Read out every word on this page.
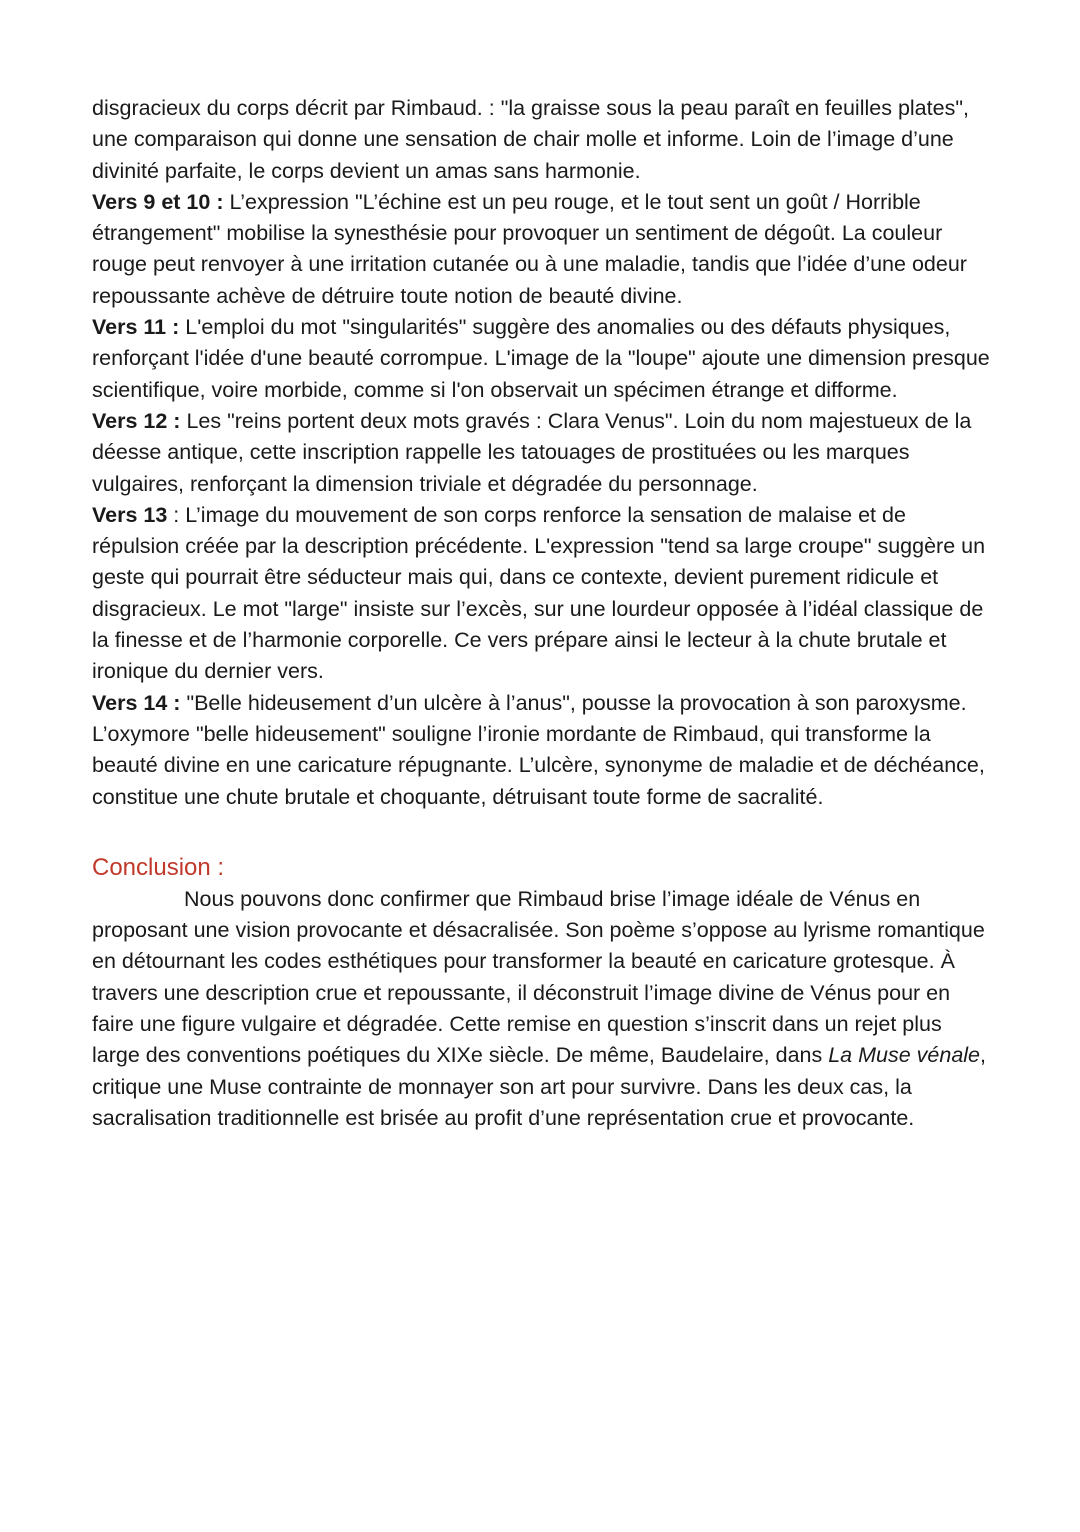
disgracieux du corps décrit par Rimbaud. : "la graisse sous la peau paraît en feuilles plates", une comparaison qui donne une sensation de chair molle et informe. Loin de l’image d’une divinité parfaite, le corps devient un amas sans harmonie.

Vers 9 et 10 : L’expression "L’échine est un peu rouge, et le tout sent un goût / Horrible étrangement" mobilise la synesthésie pour provoquer un sentiment de dégoût. La couleur rouge peut renvoyer à une irritation cutanée ou à une maladie, tandis que l’idée d’une odeur repoussante achève de détruire toute notion de beauté divine.

Vers 11 : L'emploi du mot "singularités" suggère des anomalies ou des défauts physiques, renforçant l'idée d'une beauté corrompue. L'image de la "loupe" ajoute une dimension presque scientifique, voire morbide, comme si l'on observait un spécimen étrange et difforme.

Vers 12 : Les "reins portent deux mots gravés : Clara Venus". Loin du nom majestueux de la déesse antique, cette inscription rappelle les tatouages de prostituées ou les marques vulgaires, renforçant la dimension triviale et dégradée du personnage.

Vers 13 : L’image du mouvement de son corps renforce la sensation de malaise et de répulsion créée par la description précédente. L'expression "tend sa large croupe" suggère un geste qui pourrait être séducteur mais qui, dans ce contexte, devient purement ridicule et disgracieux. Le mot "large" insiste sur l’excès, sur une lourdeur opposée à l’idéal classique de la finesse et de l’harmonie corporelle. Ce vers prépare ainsi le lecteur à la chute brutale et ironique du dernier vers.

Vers 14 : "Belle hideusement d’un ulcère à l’anus", pousse la provocation à son paroxysme. L’oxymore "belle hideusement" souligne l’ironie mordante de Rimbaud, qui transforme la beauté divine en une caricature répugnante. L’ulcère, synonyme de maladie et de déchéance, constitue une chute brutale et choquante, détruisant toute forme de sacralité.

Conclusion :

Nous pouvons donc confirmer que Rimbaud brise l’image idéale de Vénus en proposant une vision provocante et désacralisée. Son poème s’oppose au lyrisme romantique en détournant les codes esthétiques pour transformer la beauté en caricature grotesque. À travers une description crue et repoussante, il déconstruit l’image divine de Vénus pour en faire une figure vulgaire et dégradée. Cette remise en question s’inscrit dans un rejet plus large des conventions poétiques du XIXe siècle. De même, Baudelaire, dans La Muse vénale, critique une Muse contrainte de monnayer son art pour survivre. Dans les deux cas, la sacralisation traditionnelle est brisée au profit d’une représentation crue et provocante.
